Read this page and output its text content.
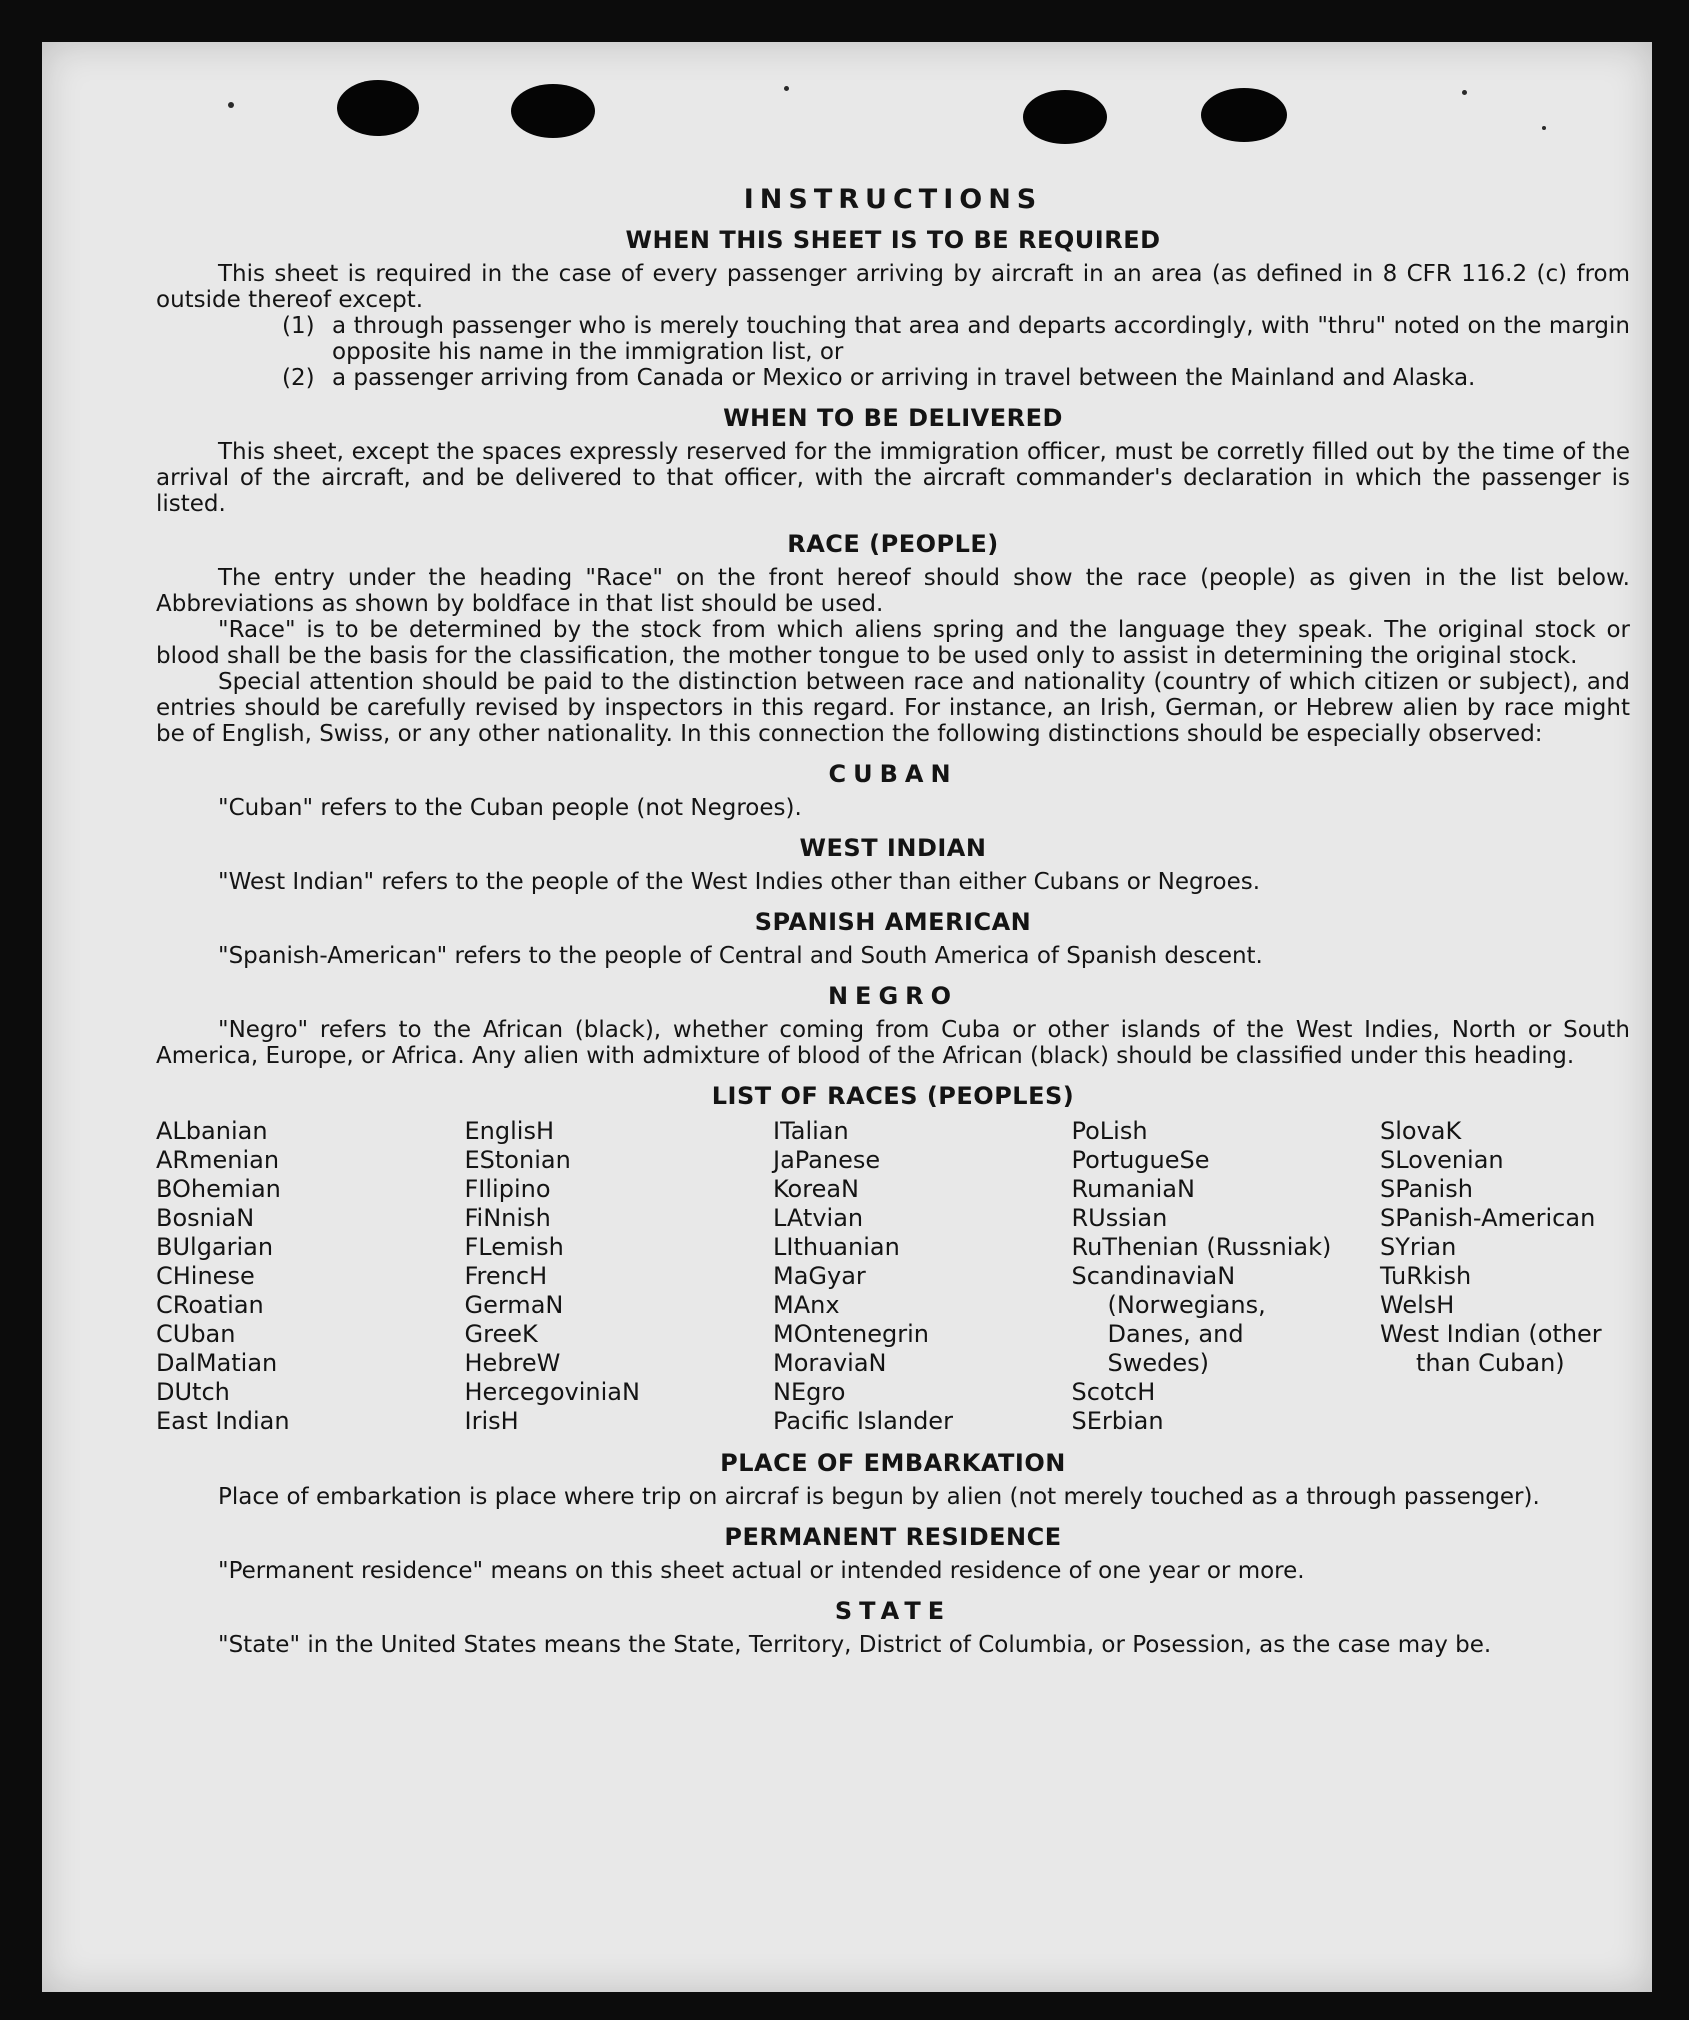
INSTRUCTIONS
WHEN THIS SHEET IS TO BE REQUIRED

This sheet is required in the case of every passenger arriving by aircraft in an area (as defined in 8 CFR 116.2 (c) from outside thereof except.

(1) a through passenger who is merely touching that area and departs accordingly, with "thru" noted on the margin opposite his name in the immigration list, or
(2) a passenger arriving from Canada or Mexico or arriving in travel between the Mainland and Alaska.
WHEN TO BE DELIVERED

This sheet, except the spaces expressly reserved for the immigration officer, must be corretly filled out by the time of the arrival of the aircraft, and be delivered to that officer, with the aircraft commander's declaration in which the passenger is listed.

RACE (PEOPLE)

The entry under the heading "Race" on the front hereof should show the race (people) as given in the list below. Abbreviations as shown by boldface in that list should be used.

"Race" is to be determined by the stock from which aliens spring and the language they speak. The original stock or blood shall be the basis for the classification, the mother tongue to be used only to assist in determining the original stock.

Special attention should be paid to the distinction between race and nationality (country of which citizen or subject), and entries should be carefully revised by inspectors in this regard. For instance, an Irish, German, or Hebrew alien by race might be of English, Swiss, or any other nationality. In this connection the following distinctions should be especially observed:

CUBAN

"Cuban" refers to the Cuban people (not Negroes).

WEST INDIAN

"West Indian" refers to the people of the West Indies other than either Cubans or Negroes.

SPANISH AMERICAN

"Spanish-American" refers to the people of Central and South America of Spanish descent.

NEGRO

"Negro" refers to the African (black), whether coming from Cuba or other islands of the West Indies, North or South America, Europe, or Africa. Any alien with admixture of blood of the African (black) should be classified under this heading.

LIST OF RACES (PEOPLES)
ALbanian
ARmenian
BOhemian
BosniaN
BUlgarian
CHinese
CRoatian
CUban
DalMatian
DUtch
East Indian
EnglisH
EStonian
FIlipino
FiNnish
FLemish
FrencH
GermaN
GreeK
HebreW
HercegoviniaN
IrisH
ITalian
JaPanese
KoreaN
LAtvian
LIthuanian
MaGyar
MAnx
MOntenegrin
MoraviaN
NEgro
Pacific Islander
PoLish
PortugueSe
RumaniaN
RUssian
RuThenian (Russniak)
ScandinaviaN
(Norwegians,
Danes, and
Swedes)
ScotcH
SErbian
SlovaK
SLovenian
SPanish
SPanish-American
SYrian
TuRkish
WelsH
West Indian (other
than Cuban)
PLACE OF EMBARKATION

Place of embarkation is place where trip on aircraf is begun by alien (not merely touched as a through passenger).

PERMANENT RESIDENCE

"Permanent residence" means on this sheet actual or intended residence of one year or more.

STATE

"State" in the United States means the State, Territory, District of Columbia, or Posession, as the case may be.
